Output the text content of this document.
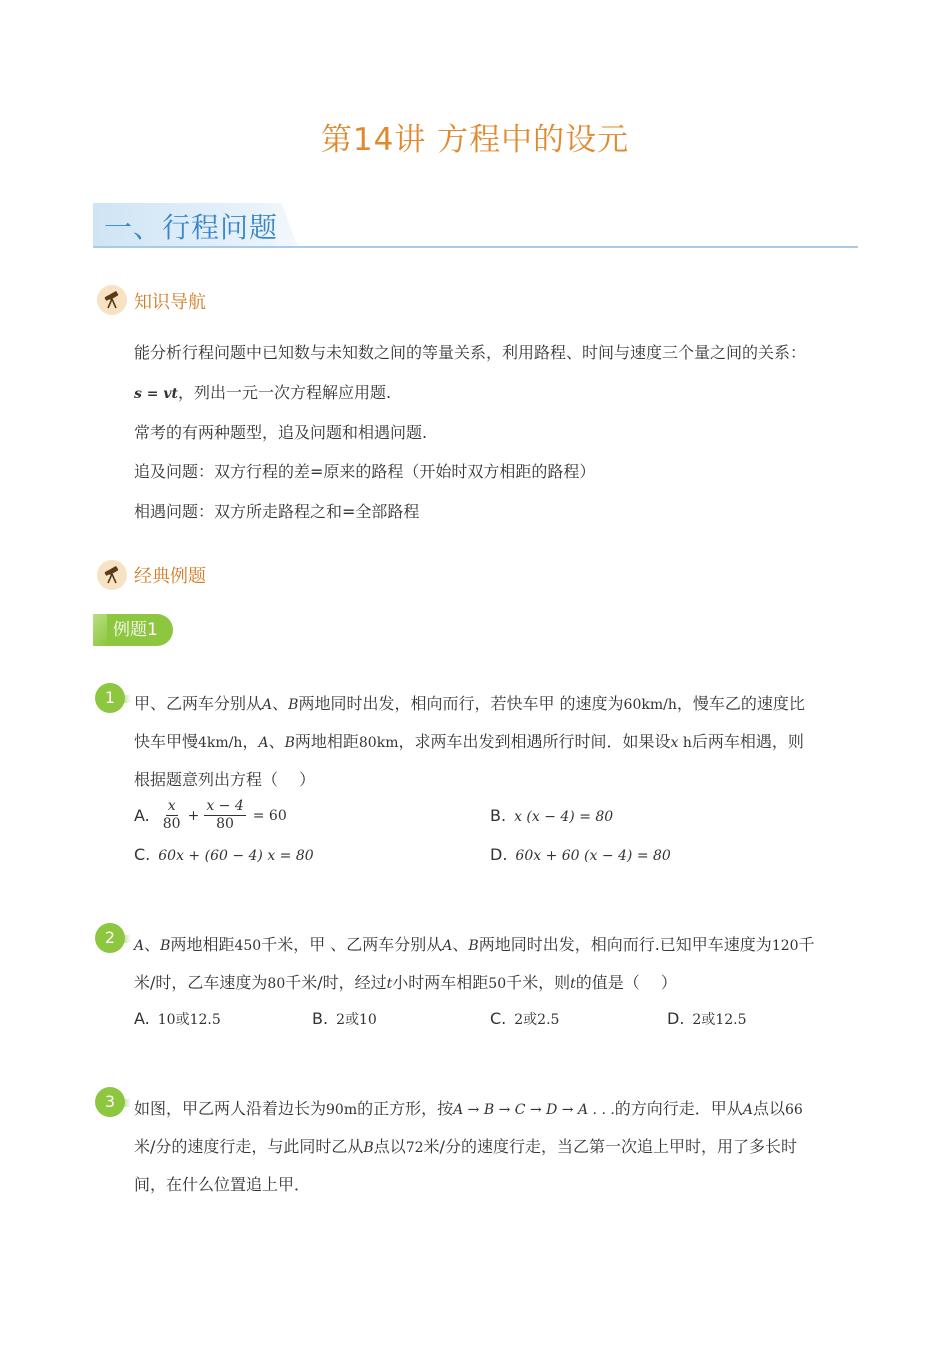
第14讲 方程中的设元
一、行程问题
知识导航
能分析行程问题中已知数与未知数之间的等量关系，利用路程、时间与速度三个量之间的关系：
s = vt，列出一元一次方程解应用题.
常考的有两种题型，追及问题和相遇问题.
追及问题：双方行程的差=原来的路程（开始时双方相距的路程）
相遇问题：双方所走路程之和=全部路程
经典例题
例题1
1	甲、乙两车分别从A、B两地同时出发，相向而行，若快车甲 的速度为60km/h，慢车乙的速度比
快车甲慢4km/h，A、B两地相距80km，求两车出发到相遇所行时间．如果设x h后两车相遇，则
根据题意列出方程（　 ）
A. $\frac{x}{80} + \frac{x - 4}{80} = 60$	B. x (x − 4) = 80
C. 60x + (60 − 4) x = 80	D. 60x + 60 (x − 4) = 80
2	A、B两地相距450千米，甲 、乙两车分别从A、B两地同时出发，相向而行.已知甲车速度为120千
米/时，乙车速度为80千米/时，经过t小时两车相距50千米，则t的值是（　 ）
A. 10或12.5	B. 2或10	C. 2或2.5	D. 2或12.5
3	如图，甲乙两人沿着边长为90m的正方形，按A → B → C → D → A . . .的方向行走．甲从A点以66
米/分的速度行走，与此同时乙从B点以72米/分的速度行走，当乙第一次追上甲时，用了多长时
间，在什么位置追上甲．
